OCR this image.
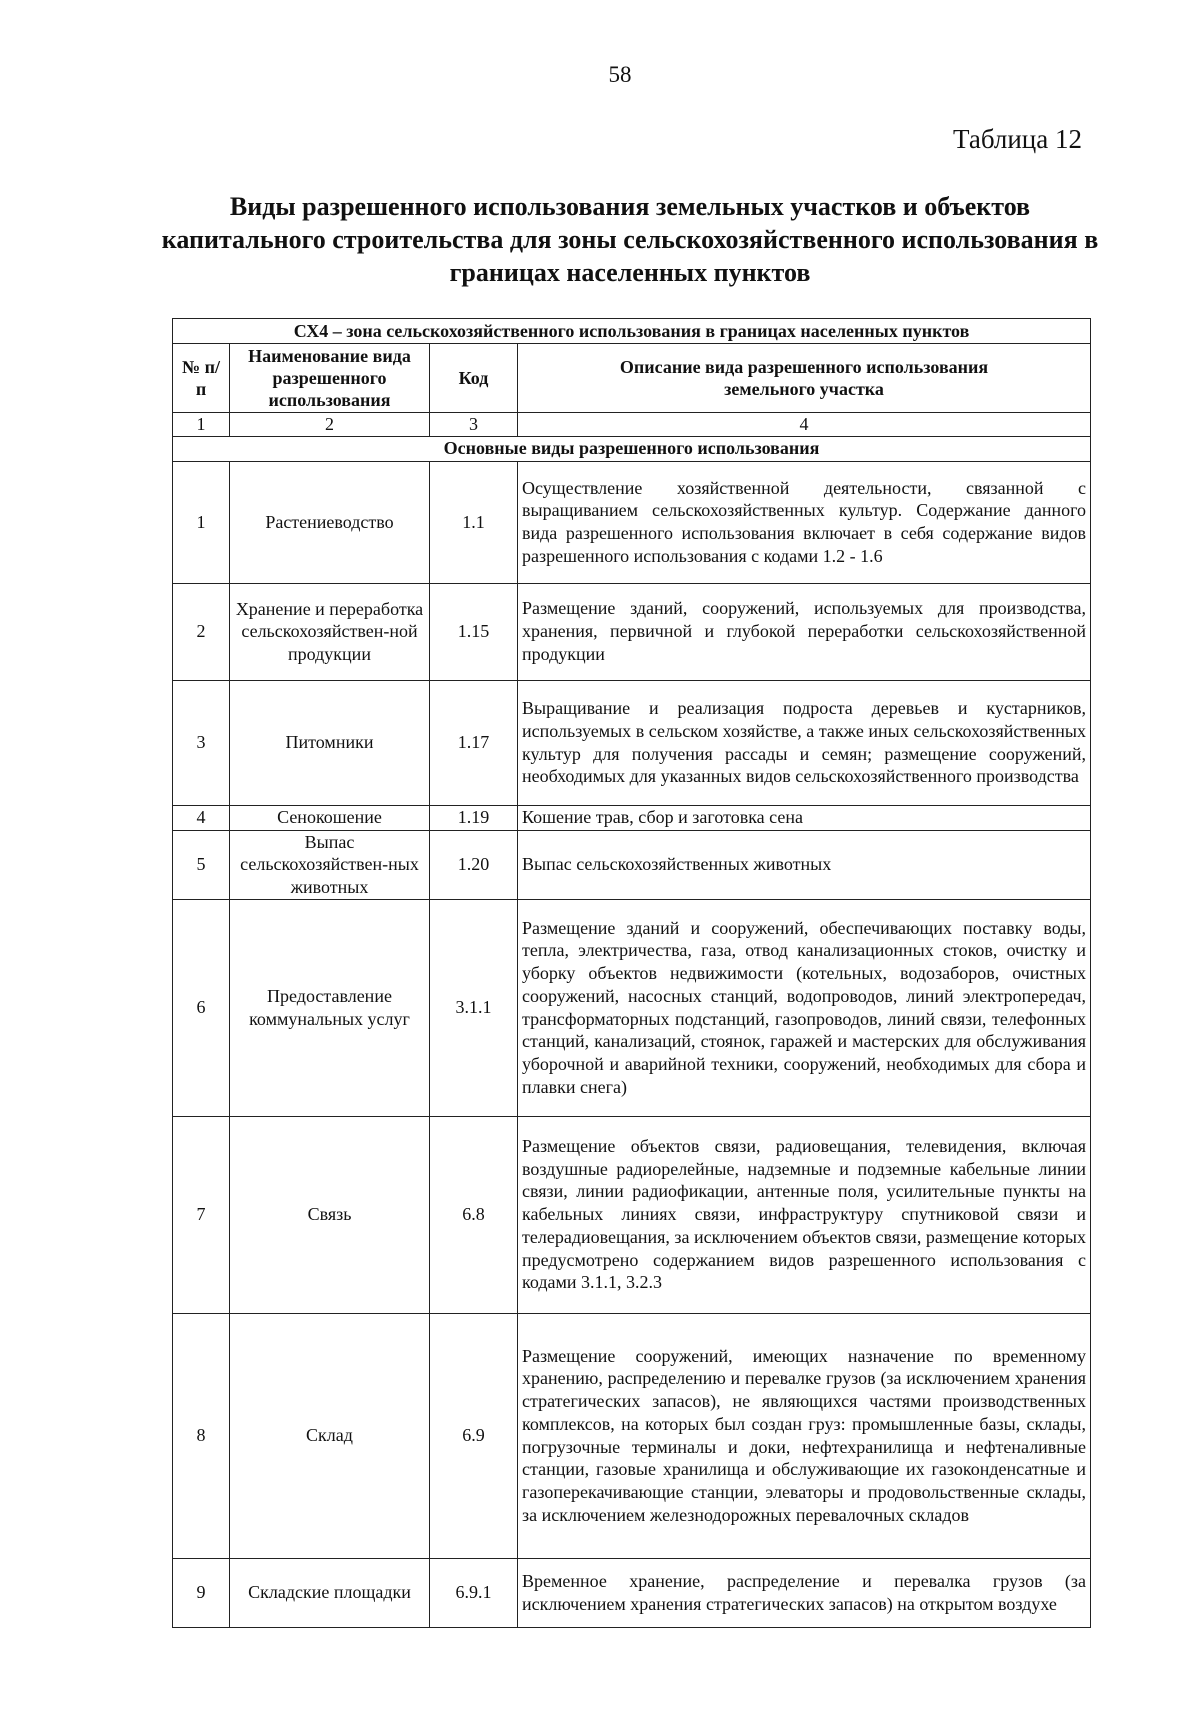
58
Таблица 12
Виды разрешенного использования земельных участков и объектов капитального строительства для зоны сельскохозяйственного использования в границах населенных пунктов
СХ4 – зона сельскохозяйственного использования в границах населенных пунктов			
№ п/п	Наименование вида разрешенного использования	Код	Описание вида разрешенного использования земельного участка
1	2	3	4
Основные виды разрешенного использования			
1	Растениеводство	1.1	Осуществление хозяйственной деятельности, связанной с выращиванием сельскохозяйственных культур. Содержание данного вида разрешенного использования включает в себя содержание видов разрешенного использования с кодами 1.2 - 1.6
2	Хранение и переработка сельскохозяйствен-ной продукции	1.15	Размещение зданий, сооружений, используемых для производства, хранения, первичной и глубокой переработки сельскохозяйственной продукции
3	Питомники	1.17	Выращивание и реализация подроста деревьев и кустарников, используемых в сельском хозяйстве, а также иных сельскохозяйственных культур для получения рассады и семян; размещение сооружений, необходимых для указанных видов сельскохозяйственного производства
4	Сенокошение	1.19	Кошение трав, сбор и заготовка сена
5	Выпас сельскохозяйствен-ных животных	1.20	Выпас сельскохозяйственных животных
6	Предоставление коммунальных услуг	3.1.1	Размещение зданий и сооружений, обеспечивающих поставку воды, тепла, электричества, газа, отвод канализационных стоков, очистку и уборку объектов недвижимости (котельных, водозаборов, очистных сооружений, насосных станций, водопроводов, линий электропередач, трансформаторных подстанций, газопроводов, линий связи, телефонных станций, канализаций, стоянок, гаражей и мастерских для обслуживания уборочной и аварийной техники, сооружений, необходимых для сбора и плавки снега)
7	Связь	6.8	Размещение объектов связи, радиовещания, телевидения, включая воздушные радиорелейные, надземные и подземные кабельные линии связи, линии радиофикации, антенные поля, усилительные пункты на кабельных линиях связи, инфраструктуру спутниковой связи и телерадиовещания, за исключением объектов связи, размещение которых предусмотрено содержанием видов разрешенного использования с кодами 3.1.1, 3.2.3
8	Склад	6.9	Размещение сооружений, имеющих назначение по временному хранению, распределению и перевалке грузов (за исключением хранения стратегических запасов), не являющихся частями производственных комплексов, на которых был создан груз: промышленные базы, склады, погрузочные терминалы и доки, нефтехранилища и нефтеналивные станции, газовые хранилища и обслуживающие их газоконденсатные и газоперекачивающие станции, элеваторы и продовольственные склады, за исключением железнодорожных перевалочных складов
9	Складские площадки	6.9.1	Временное хранение, распределение и перевалка грузов (за исключением хранения стратегических запасов) на открытом воздухе
